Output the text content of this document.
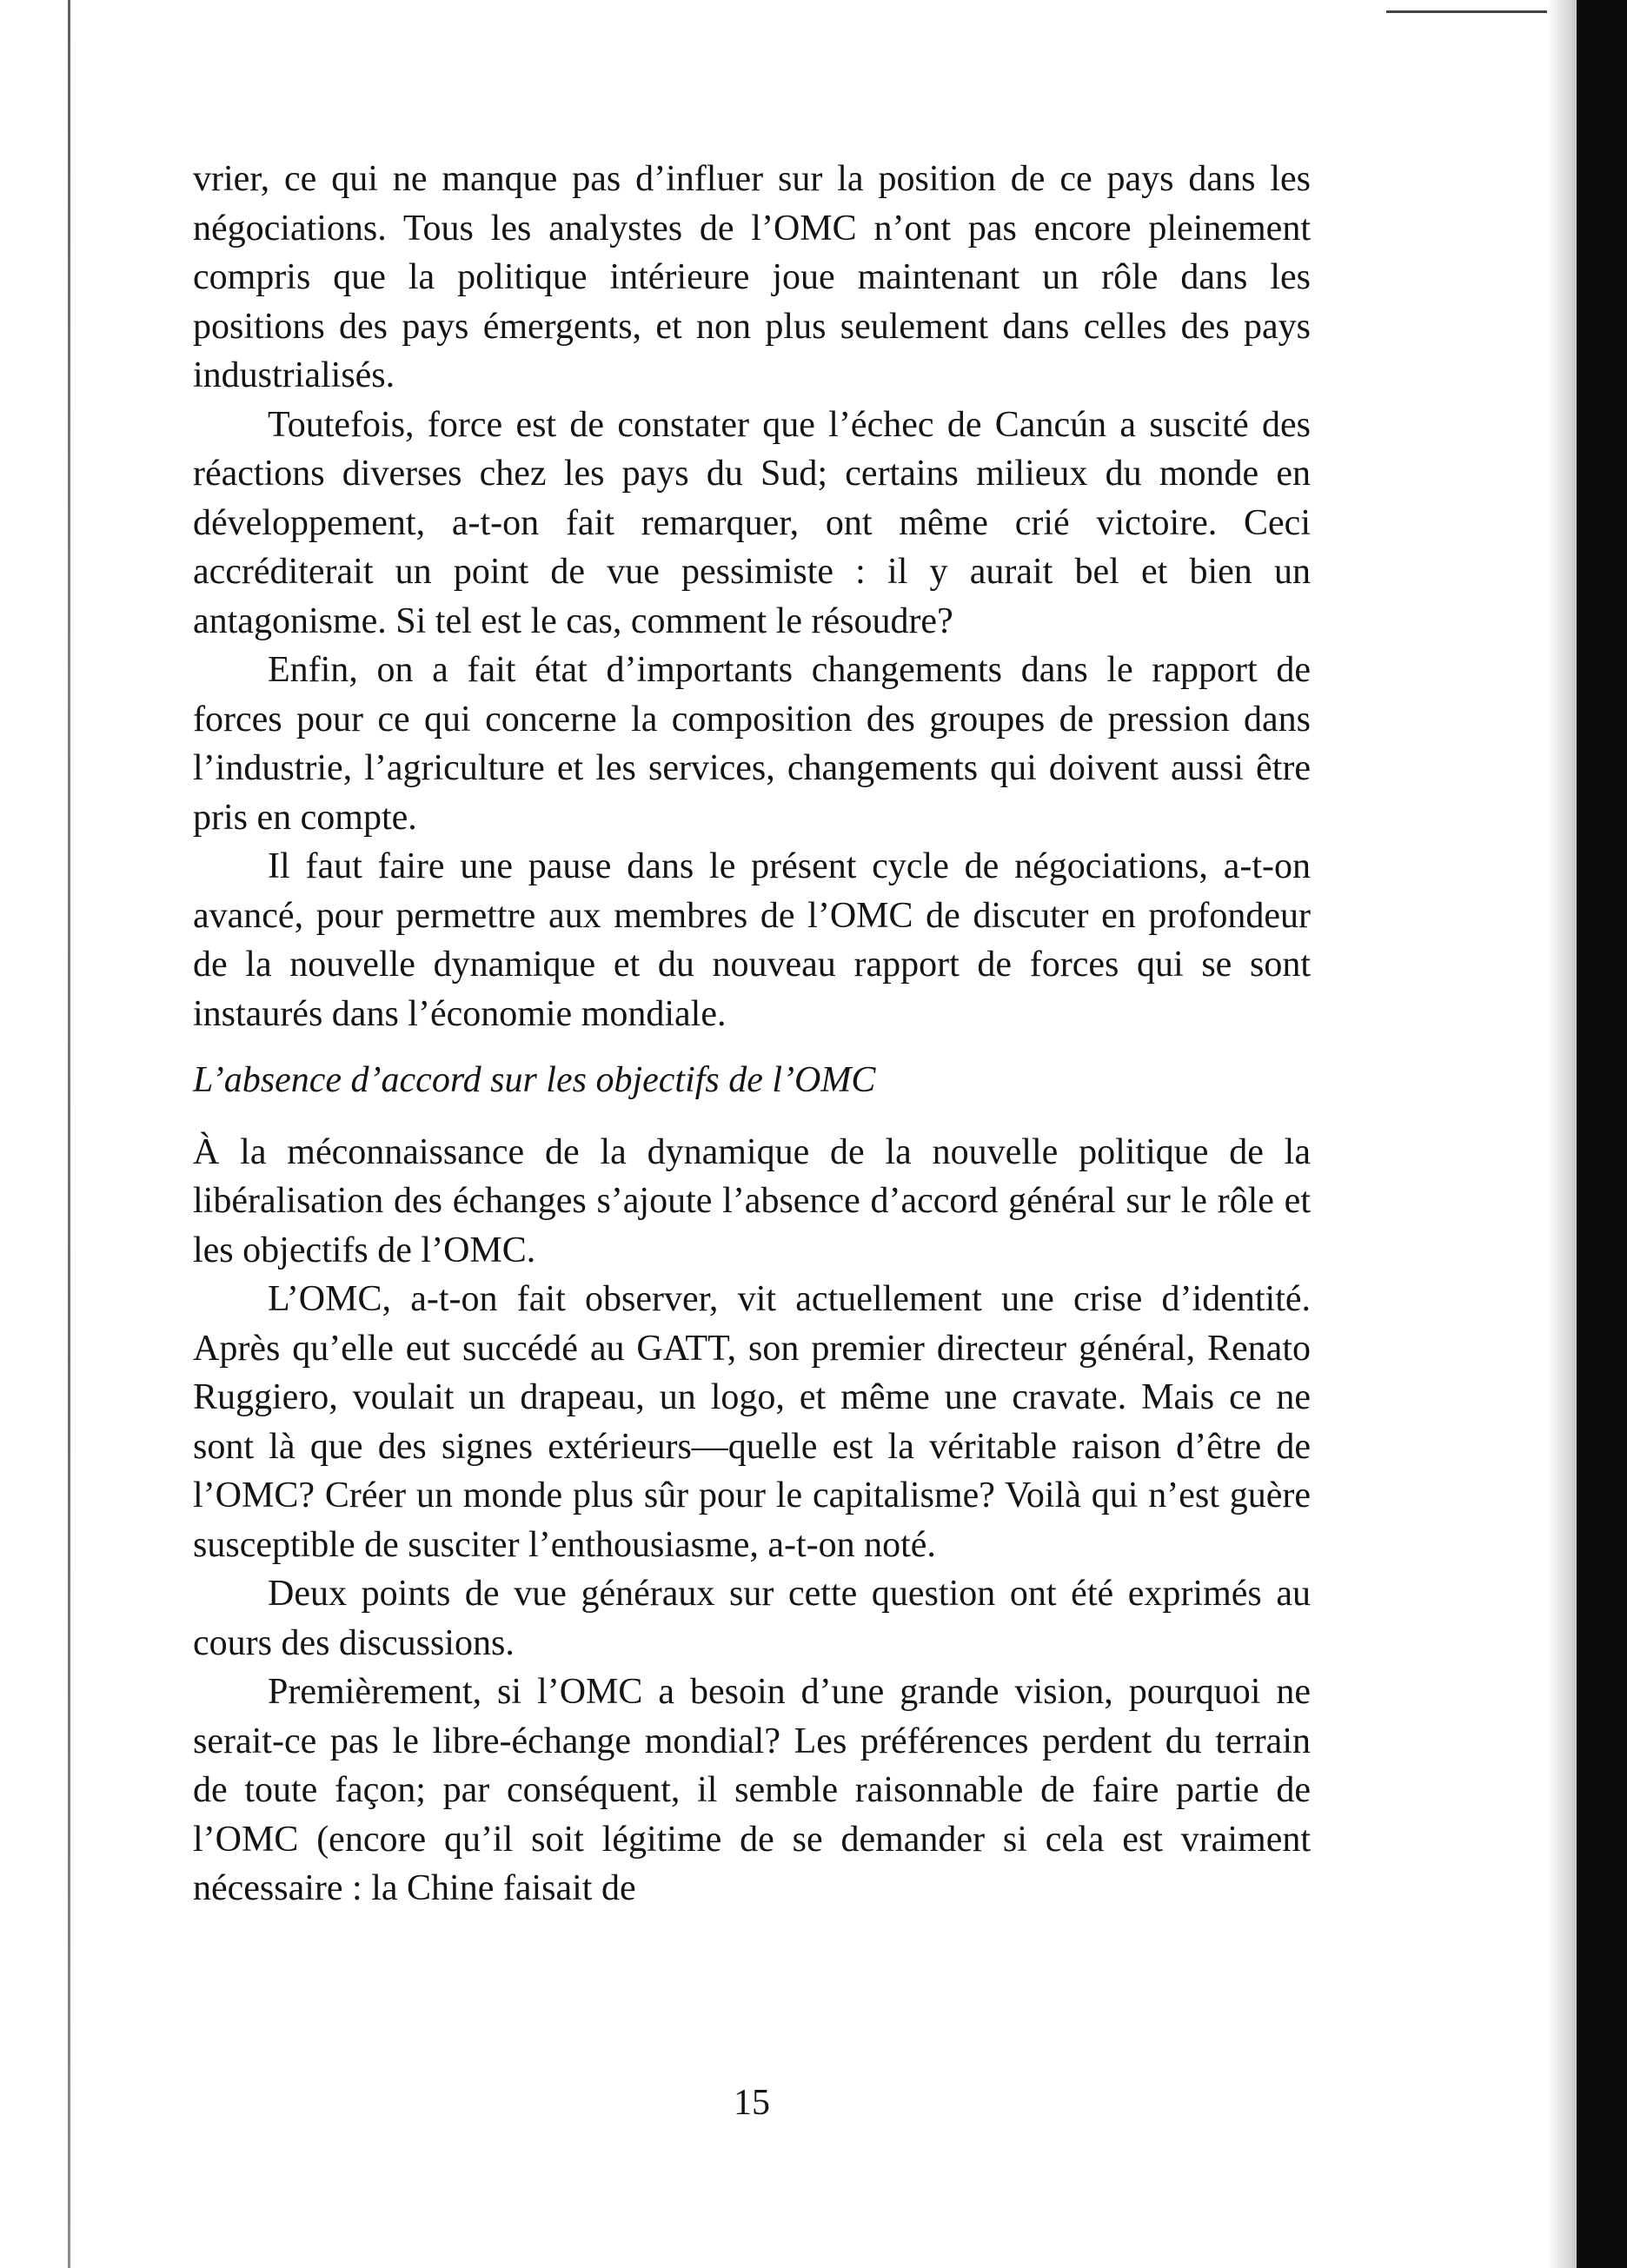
vrier, ce qui ne manque pas d’influer sur la position de ce pays dans les négociations. Tous les analystes de l’OMC n’ont pas encore pleinement compris que la politique intérieure joue maintenant un rôle dans les positions des pays émergents, et non plus seulement dans celles des pays industrialisés.

Toutefois, force est de constater que l’échec de Cancún a suscité des réactions diverses chez les pays du Sud; certains milieux du monde en développement, a-t-on fait remarquer, ont même crié victoire. Ceci accréditerait un point de vue pessimiste : il y aurait bel et bien un antagonisme. Si tel est le cas, comment le résoudre?

Enfin, on a fait état d’importants changements dans le rapport de forces pour ce qui concerne la composition des groupes de pression dans l’industrie, l’agriculture et les services, changements qui doivent aussi être pris en compte.

Il faut faire une pause dans le présent cycle de négociations, a-t-on avancé, pour permettre aux membres de l’OMC de discuter en profondeur de la nouvelle dynamique et du nouveau rapport de forces qui se sont instaurés dans l’économie mondiale.

L’absence d’accord sur les objectifs de l’OMC

À la méconnaissance de la dynamique de la nouvelle politique de la libéralisation des échanges s’ajoute l’absence d’accord général sur le rôle et les objectifs de l’OMC.

L’OMC, a-t-on fait observer, vit actuellement une crise d’identité. Après qu’elle eut succédé au GATT, son premier directeur général, Renato Ruggiero, voulait un drapeau, un logo, et même une cravate. Mais ce ne sont là que des signes extérieurs—quelle est la véritable raison d’être de l’OMC? Créer un monde plus sûr pour le capitalisme? Voilà qui n’est guère susceptible de susciter l’enthousiasme, a-t-on noté.

Deux points de vue généraux sur cette question ont été exprimés au cours des discussions.

Premièrement, si l’OMC a besoin d’une grande vision, pourquoi ne serait-ce pas le libre-échange mondial? Les préférences perdent du terrain de toute façon; par conséquent, il semble raisonnable de faire partie de l’OMC (encore qu’il soit légitime de se demander si cela est vraiment nécessaire : la Chine faisait de

15
